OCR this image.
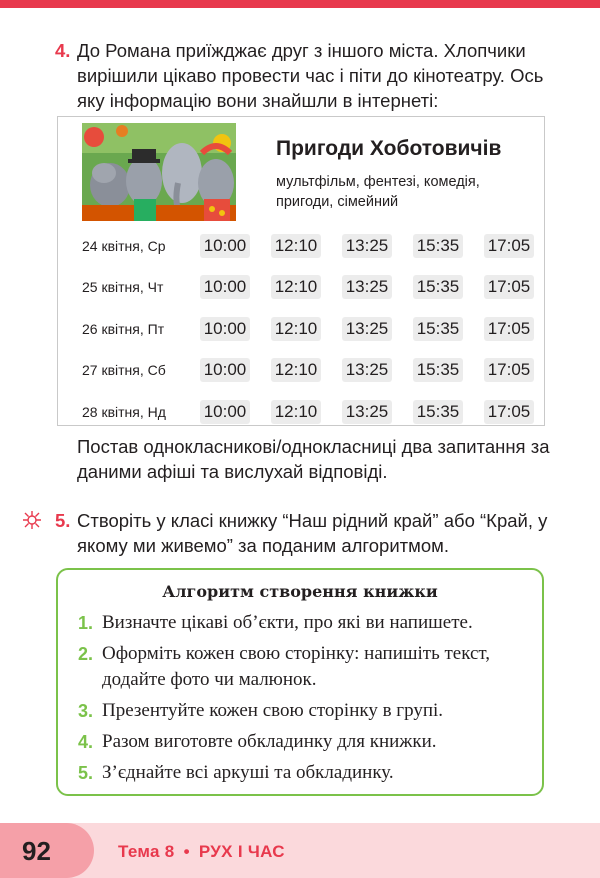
4. До Романа приїжджає друг з іншого міста. Хлопчики вирішили цікаво провести час і піти до кінотеатру. Ось яку інформацію вони знайшли в інтернеті:

Пригоди Хоботовичів
мультфільм, фентезі, комедія, пригоди, сімейний
24 квітня, Ср	10:00 12:10 13:25 15:35 17:05
25 квітня, Чт	10:00 12:10 13:25 15:35 17:05
26 квітня, Пт	10:00 12:10 13:25 15:35 17:05
27 квітня, Сб	10:00 12:10 13:25 15:35 17:05
28 квітня, Нд	10:00 12:10 13:25 15:35 17:05
Постав однокласникові/однокласниці два запитання за даними афіші та вислухай відповіді.
5. Створіть у класі книжку “Наш рідний край” або “Край, у якому ми живемо” за поданим алгоритмом.

Алгоритм створення книжки
1. Визначте цікаві об’єкти, про які ви напишете.
2. Оформіть кожен свою сторінку: напишіть текст, додайте фото чи малюнок.
3. Презентуйте кожен свою сторінку в групі.
4. Разом виготовте обкладинку для книжки.
5. З’єднайте всі аркуші та обкладинку.
92	Тема 8 • РУХ І ЧАС
